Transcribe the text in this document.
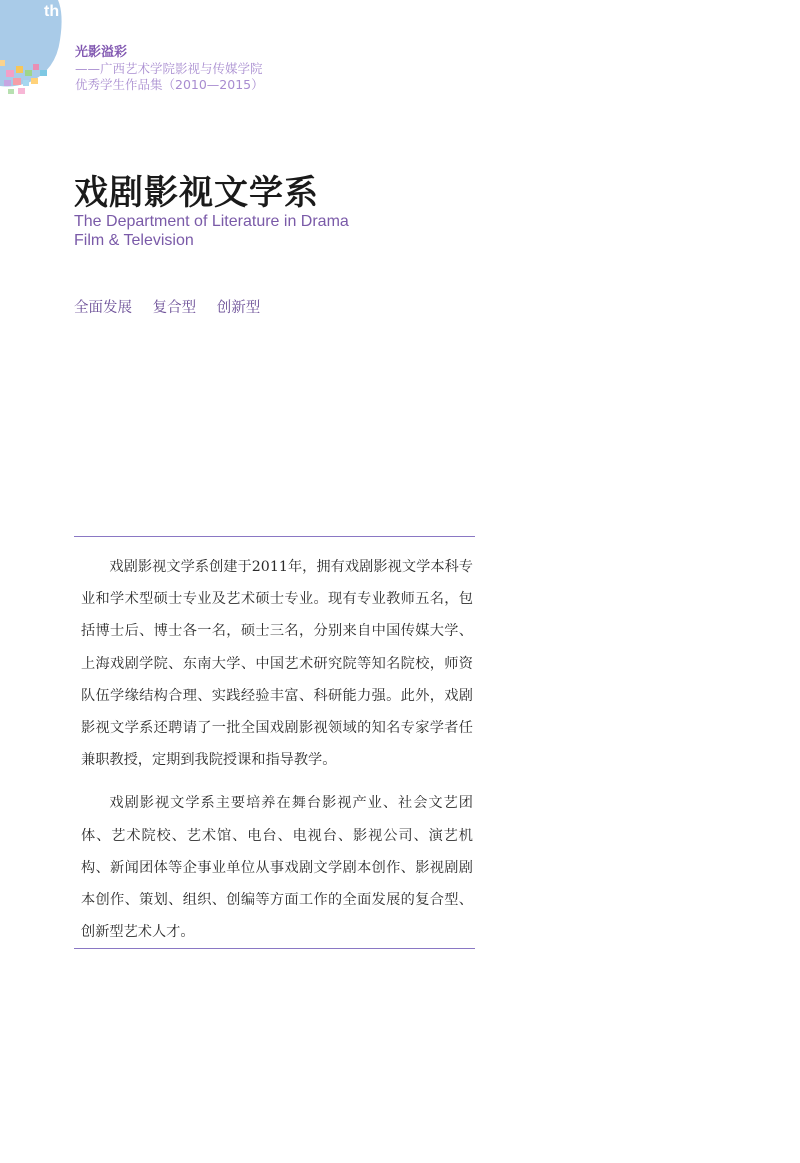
th
光影溢彩
——广西艺术学院影视与传媒学院
优秀学生作品集（2010—2015）
戏剧影视文学系
The Department of Literature in Drama
Film & Television
全面发展 复合型 创新型

戏剧影视文学系创建于2011年，拥有戏剧影视文学本科专业和学术型硕士专业及艺术硕士专业。现有专业教师五名，包括博士后、博士各一名，硕士三名，分别来自中国传媒大学、上海戏剧学院、东南大学、中国艺术研究院等知名院校，师资队伍学缘结构合理、实践经验丰富、科研能力强。此外，戏剧影视文学系还聘请了一批全国戏剧影视领域的知名专家学者任兼职教授，定期到我院授课和指导教学。

戏剧影视文学系主要培养在舞台影视产业、社会文艺团体、艺术院校、艺术馆、电台、电视台、影视公司、演艺机构、新闻团体等企事业单位从事戏剧文学剧本创作、影视剧剧本创作、策划、组织、创编等方面工作的全面发展的复合型、创新型艺术人才。
